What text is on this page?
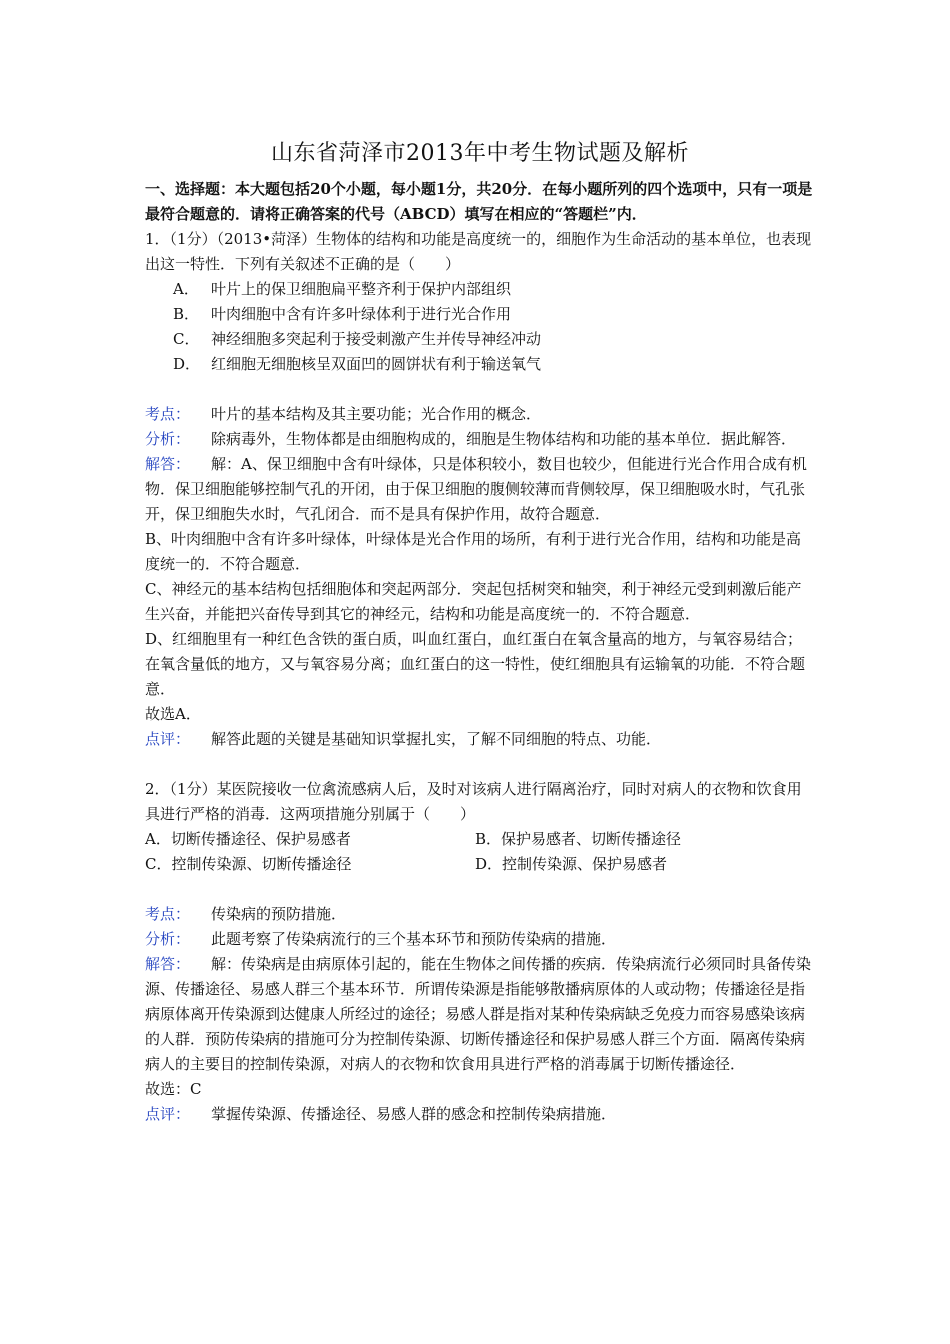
山东省菏泽市2013年中考生物试题及解析
一、选择题：本大题包括20个小题，每小题1分，共20分．在每小题所列的四个选项中，只有一项是最符合题意的．请将正确答案的代号（ABCD）填写在相应的“答题栏”内．
1．（1分）（2013•菏泽）生物体的结构和功能是高度统一的，细胞作为生命活动的基本单位，也表现出这一特性．下列有关叙述不正确的是（　　）
A． 叶片上的保卫细胞扁平整齐利于保护内部组织
B． 叶肉细胞中含有许多叶绿体利于进行光合作用
C． 神经细胞多突起利于接受刺激产生并传导神经冲动
D． 红细胞无细胞核呈双面凹的圆饼状有利于输送氧气
考点： 叶片的基本结构及其主要功能；光合作用的概念．
分析： 除病毒外，生物体都是由细胞构成的，细胞是生物体结构和功能的基本单位．据此解答．
解答： 解：A、保卫细胞中含有叶绿体，只是体积较小，数目也较少，但能进行光合作用合成有机物．保卫细胞能够控制气孔的开闭，由于保卫细胞的腹侧较薄而背侧较厚，保卫细胞吸水时，气孔张开，保卫细胞失水时，气孔闭合．而不是具有保护作用，故符合题意．
B、叶肉细胞中含有许多叶绿体，叶绿体是光合作用的场所，有利于进行光合作用，结构和功能是高度统一的．不符合题意．
C、神经元的基本结构包括细胞体和突起两部分．突起包括树突和轴突，利于神经元受到刺激后能产生兴奋，并能把兴奋传导到其它的神经元，结构和功能是高度统一的．不符合题意．
D、红细胞里有一种红色含铁的蛋白质，叫血红蛋白，血红蛋白在氧含量高的地方，与氧容易结合；在氧含量低的地方，又与氧容易分离；血红蛋白的这一特性，使红细胞具有运输氧的功能．不符合题意．
故选A．
点评： 解答此题的关键是基础知识掌握扎实，了解不同细胞的特点、功能．
2．（1分）某医院接收一位禽流感病人后，及时对该病人进行隔离治疗，同时对病人的衣物和饮食用具进行严格的消毒．这两项措施分别属于（　　）
A．切断传播途径、保护易感者	B．保护易感者、切断传播途径
C．控制传染源、切断传播途径	D．控制传染源、保护易感者
考点： 传染病的预防措施．
分析： 此题考察了传染病流行的三个基本环节和预防传染病的措施．
解答： 解：传染病是由病原体引起的，能在生物体之间传播的疾病．传染病流行必须同时具备传染源、传播途径、易感人群三个基本环节．所谓传染源是指能够散播病原体的人或动物；传播途径是指病原体离开传染源到达健康人所经过的途径；易感人群是指对某种传染病缺乏免疫力而容易感染该病的人群．预防传染病的措施可分为控制传染源、切断传播途径和保护易感人群三个方面．隔离传染病病人的主要目的控制传染源，对病人的衣物和饮食用具进行严格的消毒属于切断传播途径．
故选：C
点评： 掌握传染源、传播途径、易感人群的感念和控制传染病措施．
